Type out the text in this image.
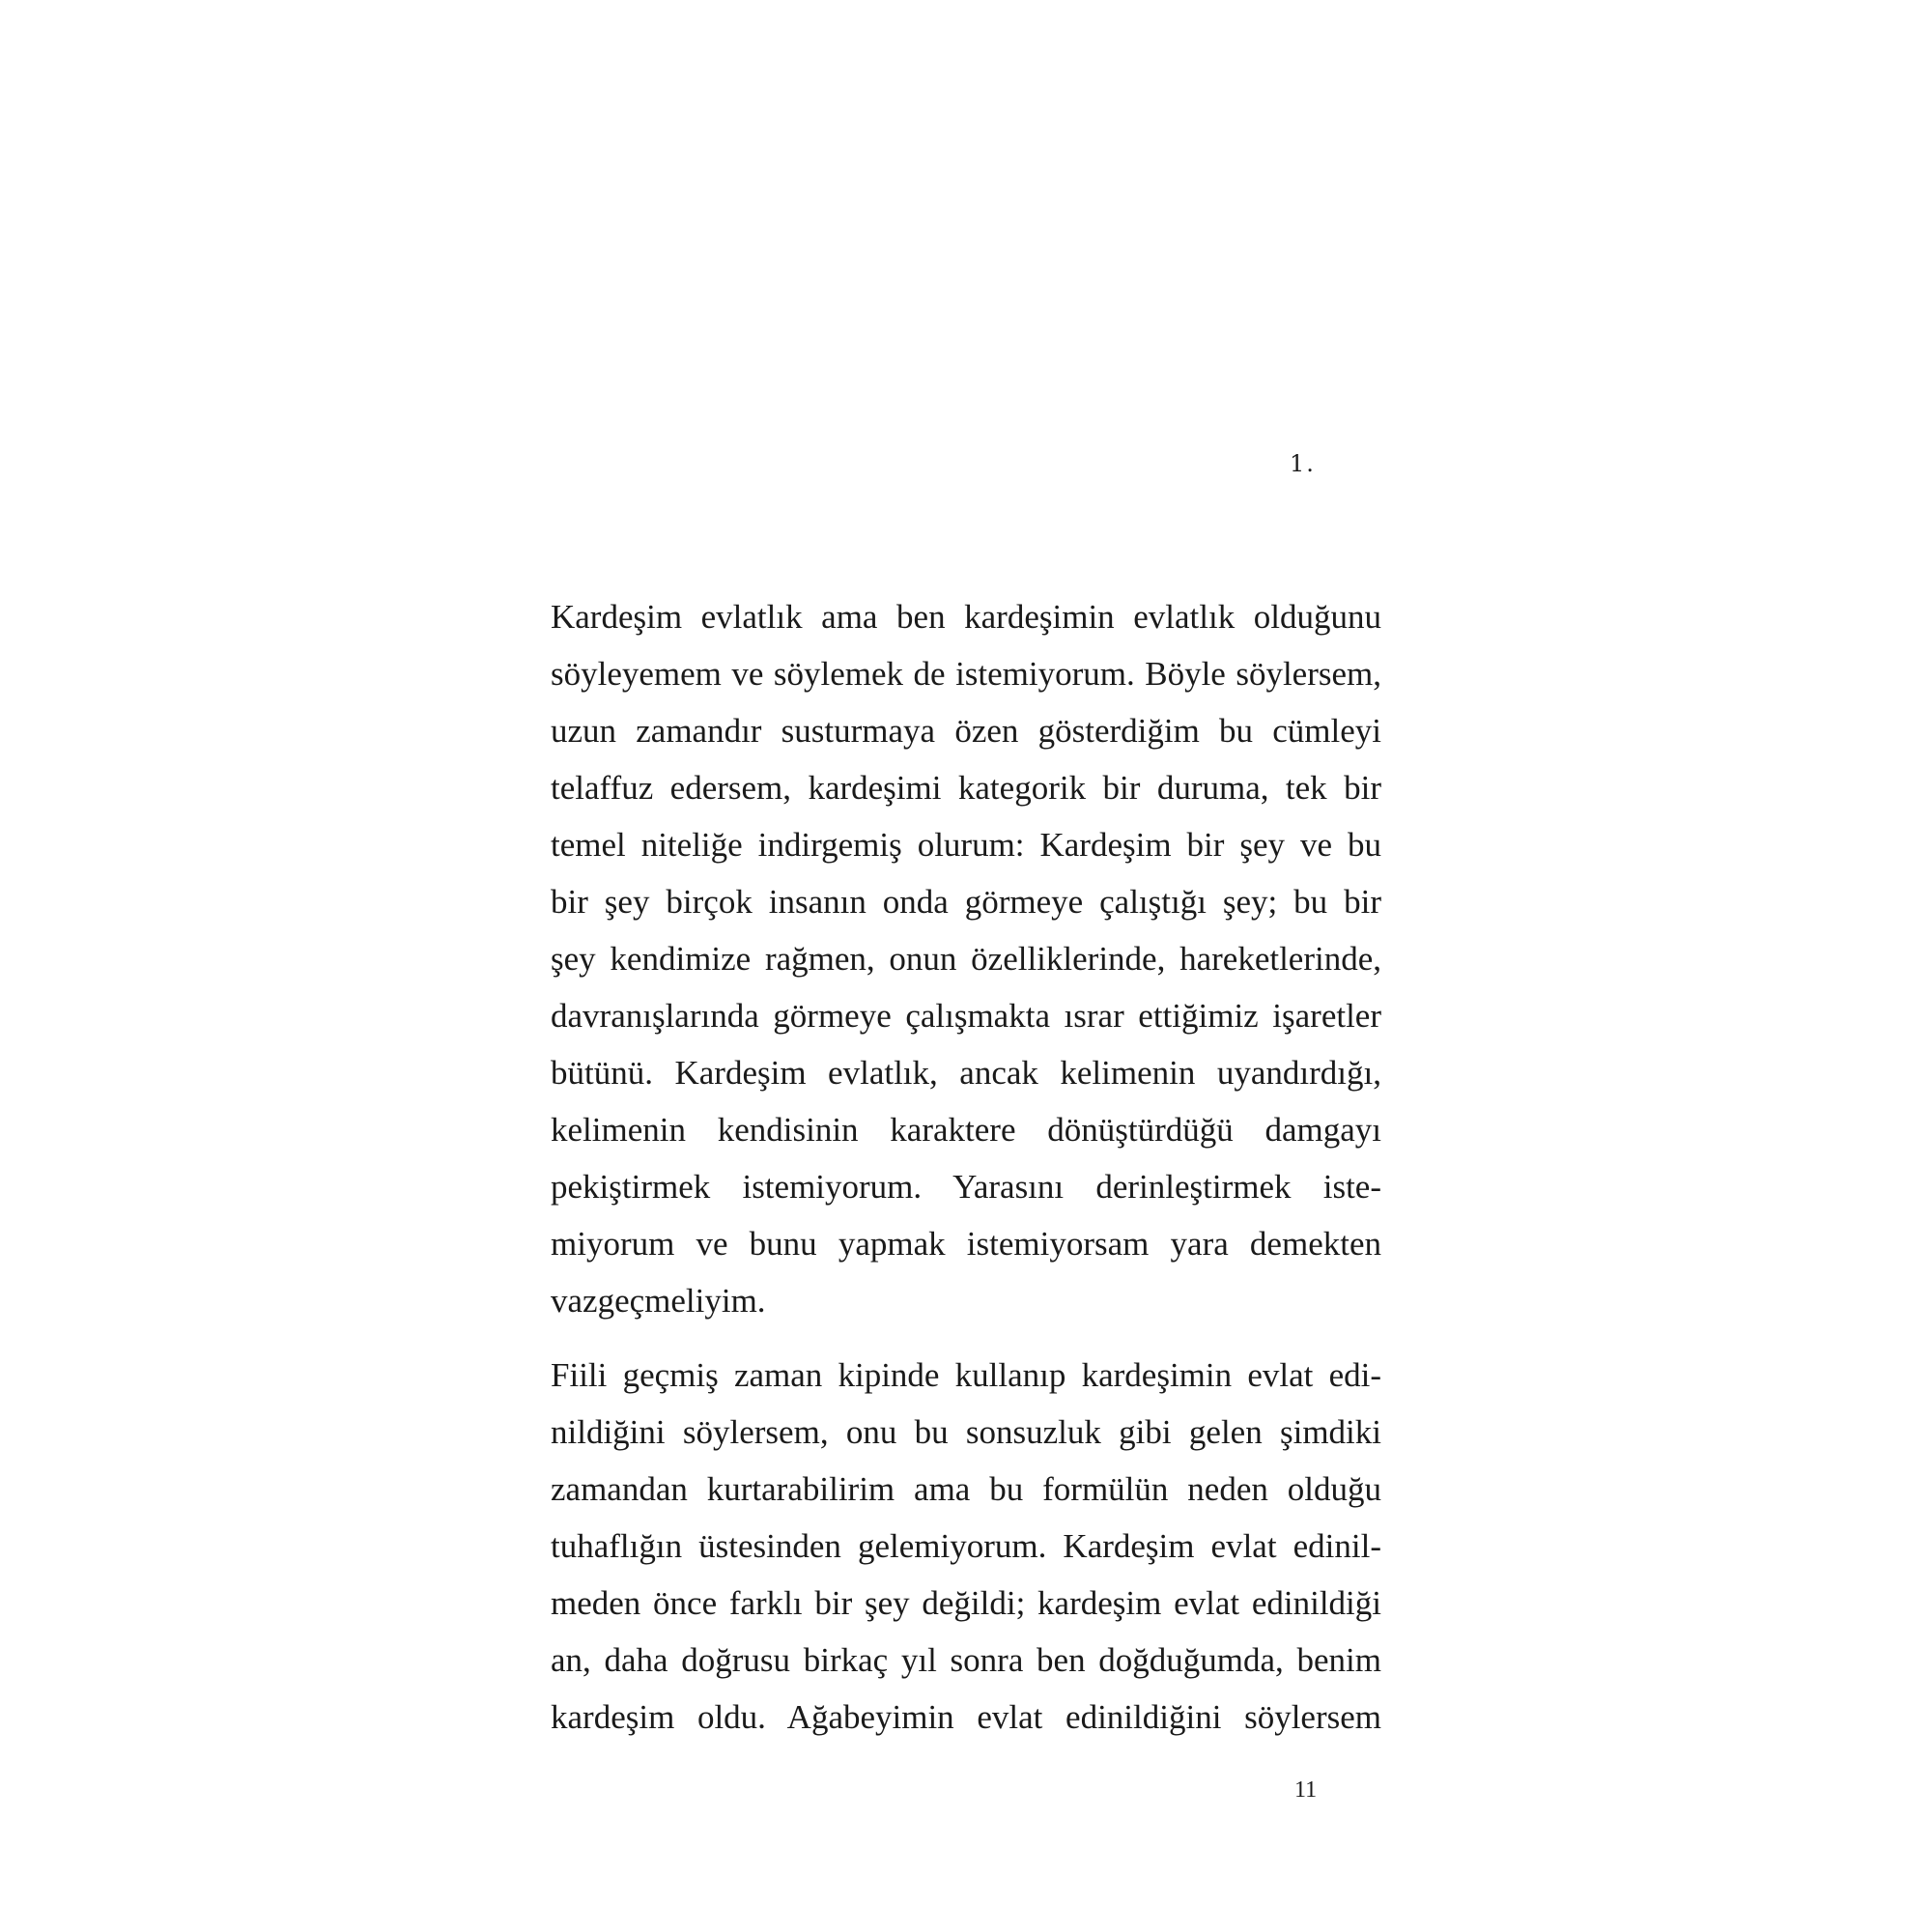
1.

Kardeşim evlatlık ama ben kardeşimin evlatlık olduğunu
söyleyemem ve söylemek de istemiyorum. Böyle söylersem,
uzun zamandır susturmaya özen gösterdiğim bu cümleyi
telaffuz edersem, kardeşimi kategorik bir duruma, tek bir
temel niteliğe indirgemiş olurum: Kardeşim bir şey ve bu
bir şey birçok insanın onda görmeye çalıştığı şey; bu bir
şey kendimize rağmen, onun özelliklerinde, hareketlerinde,
davranışlarında görmeye çalışmakta ısrar ettiğimiz işaretler
bütünü. Kardeşim evlatlık, ancak kelimenin uyandırdığı,
kelimenin kendisinin karaktere dönüştürdüğü damgayı
pekiştirmek istemiyorum. Yarasını derinleştirmek iste-
miyorum ve bunu yapmak istemiyorsam yara demekten
vazgeçmeliyim.

Fiili geçmiş zaman kipinde kullanıp kardeşimin evlat edi-
nildiğini söylersem, onu bu sonsuzluk gibi gelen şimdiki
zamandan kurtarabilirim ama bu formülün neden olduğu
tuhaflığın üstesinden gelemiyorum. Kardeşim evlat edinil-
meden önce farklı bir şey değildi; kardeşim evlat edinildiği
an, daha doğrusu birkaç yıl sonra ben doğduğumda, benim
kardeşim oldu. Ağabeyimin evlat edinildiğini söylersem

11
